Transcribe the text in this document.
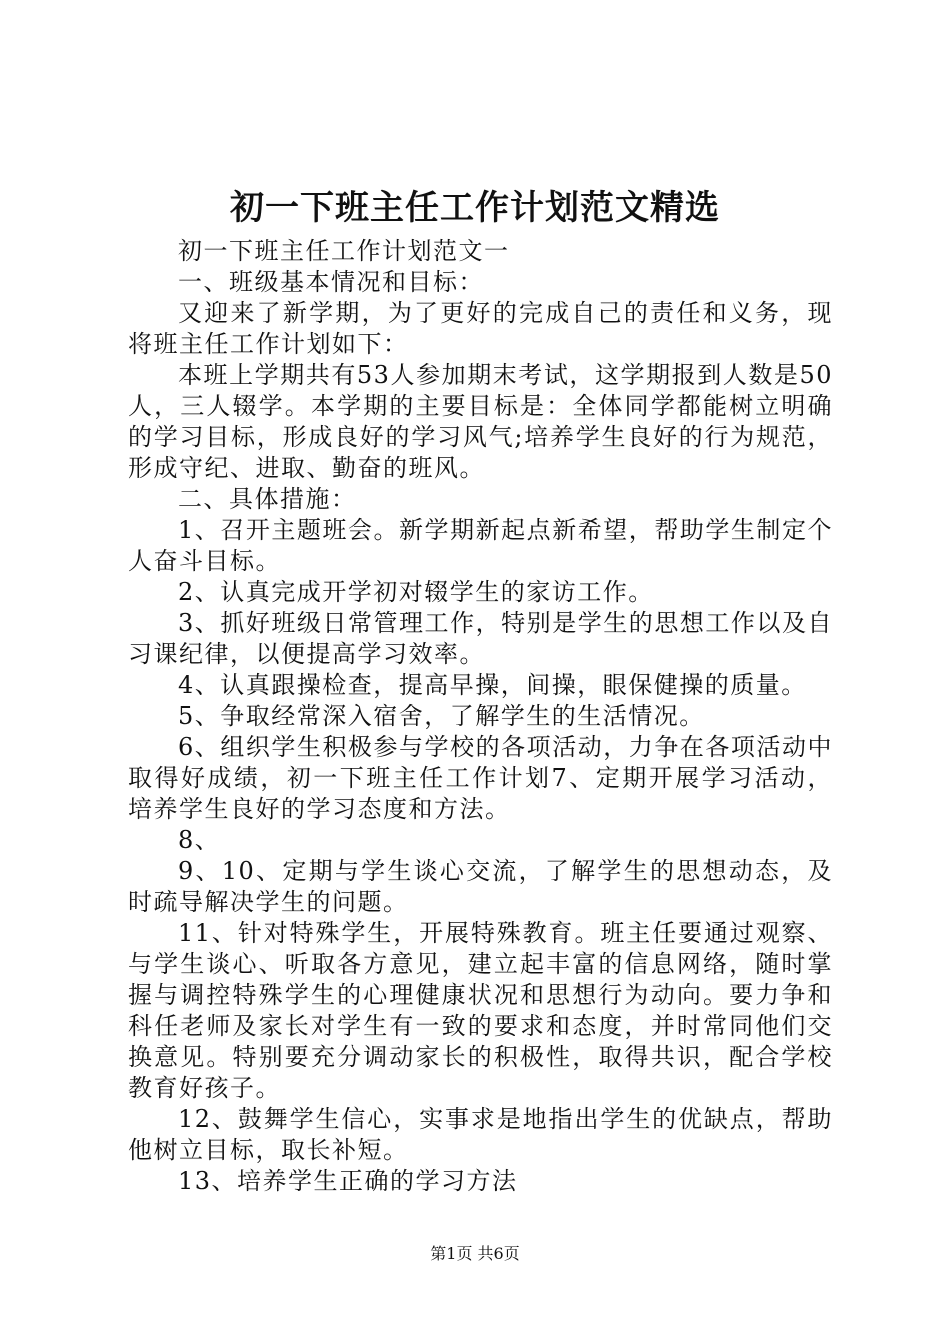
初一下班主任工作计划范文精选

初一下班主任工作计划范文一

一、班级基本情况和目标：

又迎来了新学期，为了更好的完成自己的责任和义务，现将班主任工作计划如下：

本班上学期共有53人参加期末考试，这学期报到人数是50人，三人辍学。本学期的主要目标是：全体同学都能树立明确的学习目标，形成良好的学习风气;培养学生良好的行为规范，形成守纪、进取、勤奋的班风。

二、具体措施：

1、召开主题班会。新学期新起点新希望，帮助学生制定个人奋斗目标。

2、认真完成开学初对辍学生的家访工作。

3、抓好班级日常管理工作，特别是学生的思想工作以及自习课纪律，以便提高学习效率。

4、认真跟操检查，提高早操，间操，眼保健操的质量。

5、争取经常深入宿舍，了解学生的生活情况。

6、组织学生积极参与学校的各项活动，力争在各项活动中取得好成绩，初一下班主任工作计划7、定期开展学习活动，培养学生良好的学习态度和方法。

8、

9、10、定期与学生谈心交流，了解学生的思想动态，及时疏导解决学生的问题。

11、针对特殊学生，开展特殊教育。班主任要通过观察、与学生谈心、听取各方意见，建立起丰富的信息网络，随时掌握与调控特殊学生的心理健康状况和思想行为动向。要力争和科任老师及家长对学生有一致的要求和态度，并时常同他们交换意见。特别要充分调动家长的积极性，取得共识，配合学校教育好孩子。

12、鼓舞学生信心，实事求是地指出学生的优缺点，帮助他树立目标，取长补短。

13、培养学生正确的学习方法

第1页 共6页
